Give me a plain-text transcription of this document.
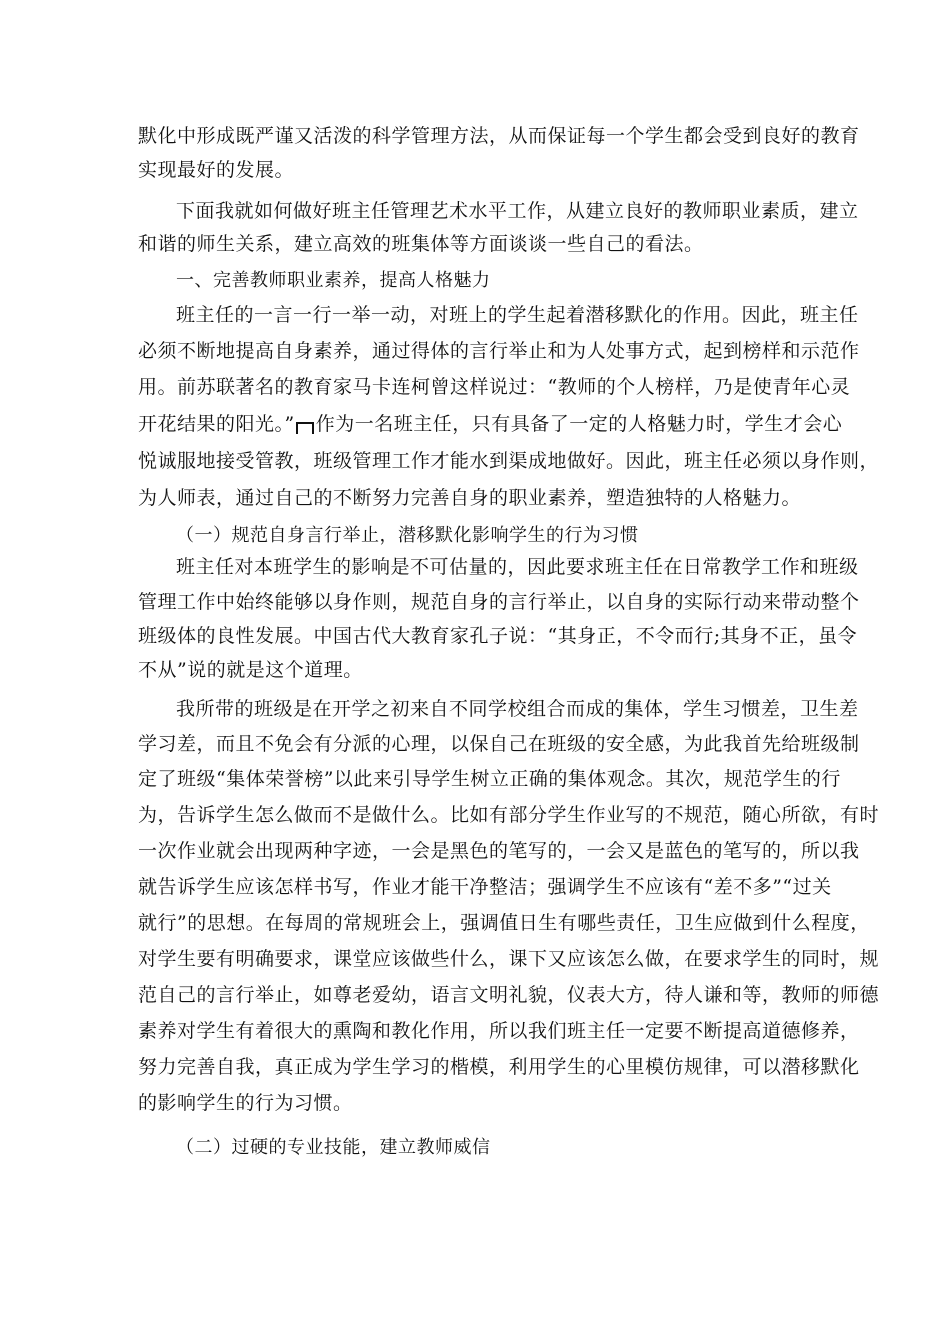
默化中形成既严谨又活泼的科学管理方法，从而保证每一个学生都会受到良好的教育
实现最好的发展。
下面我就如何做好班主任管理艺术水平工作，从建立良好的教师职业素质，建立
和谐的师生关系，建立高效的班集体等方面谈谈一些自己的看法。
一、完善教师职业素养，提高人格魅力
班主任的一言一行一举一动，对班上的学生起着潜移默化的作用。因此，班主任
必须不断地提高自身素养，通过得体的言行举止和为人处事方式，起到榜样和示范作
用。前苏联著名的教育家马卡连柯曾这样说过：“教师的个人榜样，乃是使青年心灵
开花结果的阳光。” 作为一名班主任，只有具备了一定的人格魅力时，学生才会心
悦诚服地接受管教，班级管理工作才能水到渠成地做好。因此，班主任必须以身作则，
为人师表，通过自己的不断努力完善自身的职业素养，塑造独特的人格魅力。
（一）规范自身言行举止，潜移默化影响学生的行为习惯
班主任对本班学生的影响是不可估量的，因此要求班主任在日常教学工作和班级
管理工作中始终能够以身作则，规范自身的言行举止，以自身的实际行动来带动整个
班级体的良性发展。中国古代大教育家孔子说：“其身正，不令而行;其身不正，虽令
不从”说的就是这个道理。
我所带的班级是在开学之初来自不同学校组合而成的集体，学生习惯差，卫生差
学习差，而且不免会有分派的心理，以保自己在班级的安全感，为此我首先给班级制
定了班级“集体荣誉榜”以此来引导学生树立正确的集体观念。其次，规范学生的行
为，告诉学生怎么做而不是做什么。比如有部分学生作业写的不规范，随心所欲，有时
一次作业就会出现两种字迹，一会是黑色的笔写的，一会又是蓝色的笔写的，所以我
就告诉学生应该怎样书写，作业才能干净整洁；强调学生不应该有“差不多”“过关
就行”的思想。在每周的常规班会上，强调值日生有哪些责任，卫生应做到什么程度，
对学生要有明确要求，课堂应该做些什么，课下又应该怎么做，在要求学生的同时，规
范自己的言行举止，如尊老爱幼，语言文明礼貌，仪表大方，待人谦和等，教师的师德
素养对学生有着很大的熏陶和教化作用，所以我们班主任一定要不断提高道德修养，
努力完善自我，真正成为学生学习的楷模，利用学生的心里模仿规律，可以潜移默化
的影响学生的行为习惯。
（二）过硬的专业技能，建立教师威信
